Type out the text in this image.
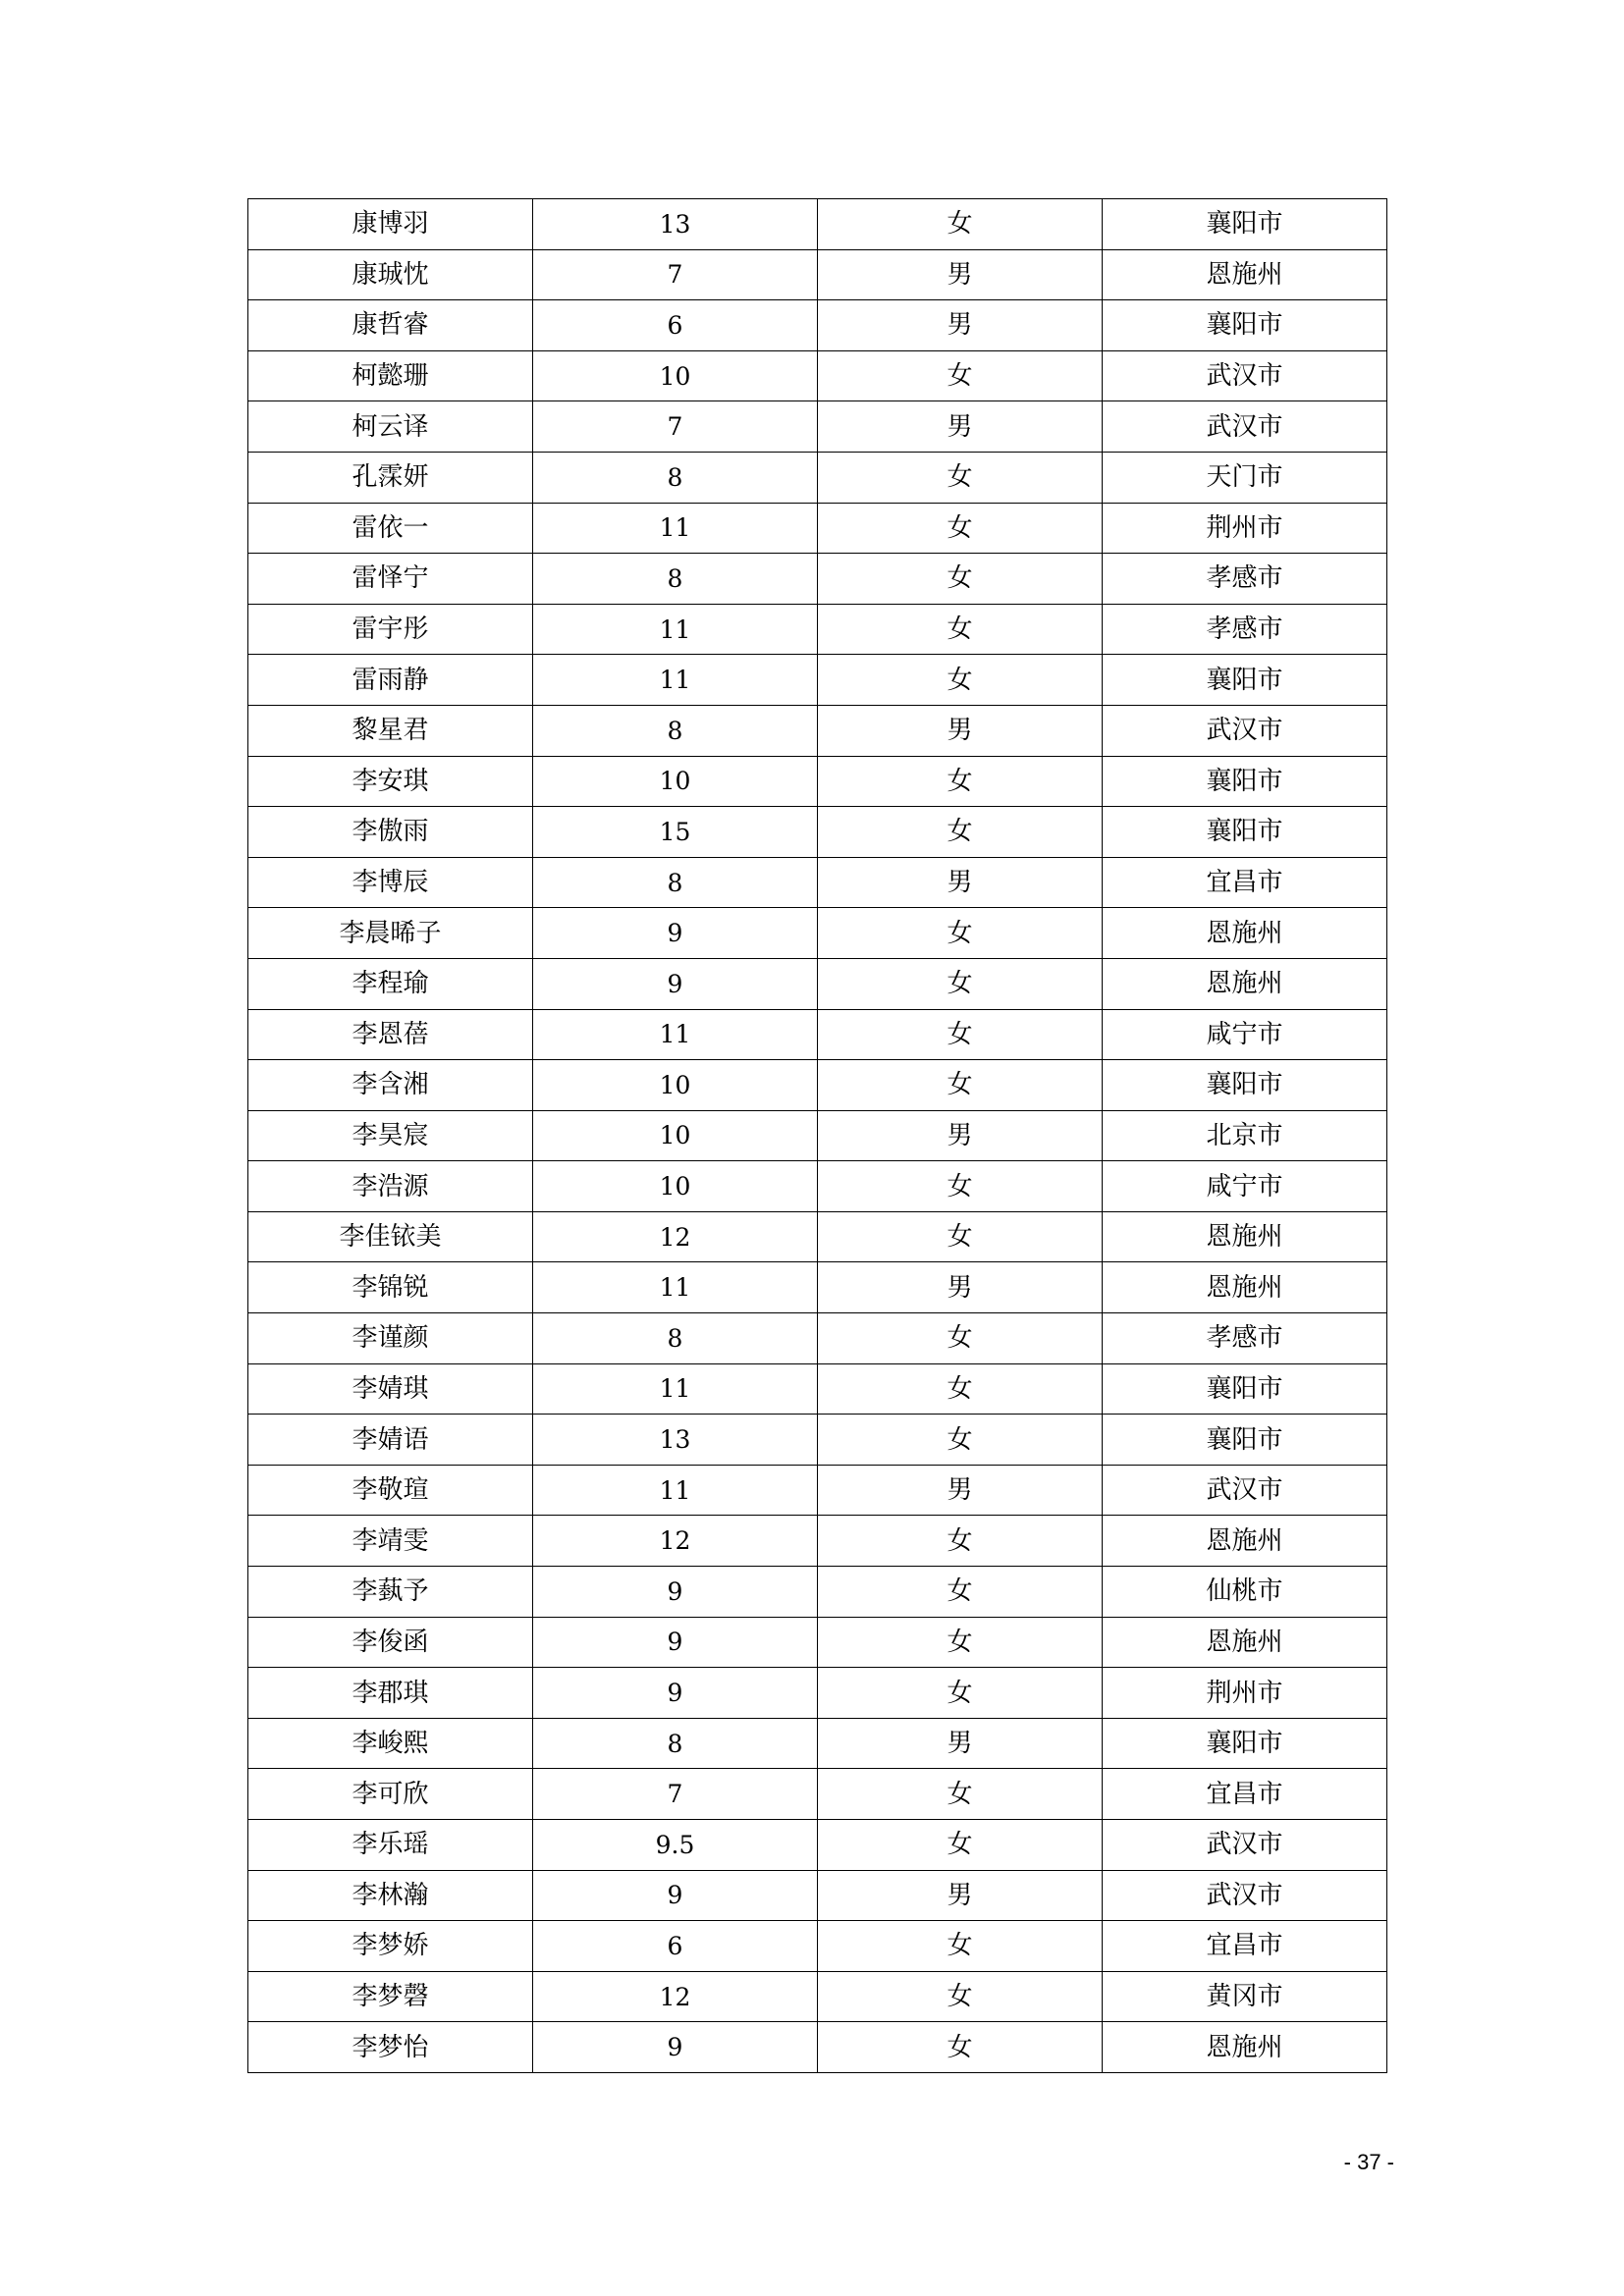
康博羽	13	女	襄阳市
康珹忱	7	男	恩施州
康哲睿	6	男	襄阳市
柯懿珊	10	女	武汉市
柯云译	7	男	武汉市
孔霂妍	8	女	天门市
雷依一	11	女	荆州市
雷怿宁	8	女	孝感市
雷宇彤	11	女	孝感市
雷雨静	11	女	襄阳市
黎星君	8	男	武汉市
李安琪	10	女	襄阳市
李傲雨	15	女	襄阳市
李博辰	8	男	宜昌市
李晨晞子	9	女	恩施州
李程瑜	9	女	恩施州
李恩蓓	11	女	咸宁市
李含湘	10	女	襄阳市
李昊宸	10	男	北京市
李浩源	10	女	咸宁市
李佳铱美	12	女	恩施州
李锦锐	11	男	恩施州
李谨颜	8	女	孝感市
李婧琪	11	女	襄阳市
李婧语	13	女	襄阳市
李敬瑄	11	男	武汉市
李靖雯	12	女	恩施州
李蓺予	9	女	仙桃市
李俊函	9	女	恩施州
李郡琪	9	女	荆州市
李峻熙	8	男	襄阳市
李可欣	7	女	宜昌市
李乐瑶	9.5	女	武汉市
李林瀚	9	男	武汉市
李梦娇	6	女	宜昌市
李梦磬	12	女	黄冈市
李梦怡	9	女	恩施州
- 37 -
